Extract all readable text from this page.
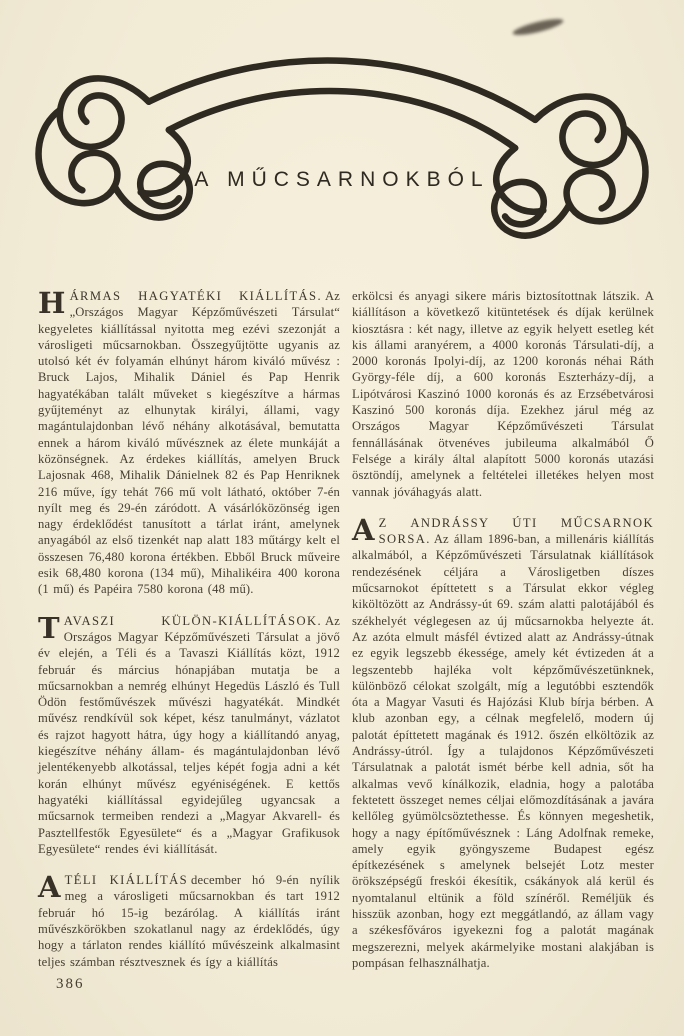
A MŰCSARNOKBÓL

HÁRMAS HAGYATÉKI KIÁLLÍTÁS. Az „Országos Magyar Képzőművészeti Társulat“ kegyeletes kiállítással nyitotta meg ezévi szezonját a városligeti műcsarnokban. Összegyűjtötte ugyanis az utolsó két év folyamán elhúnyt három kiváló művész : Bruck Lajos, Mihalik Dániel és Pap Henrik hagyatékában talált műveket s kiegészítve a hármas gyűjteményt az elhunytak királyi, állami, vagy magántulajdonban lévő néhány alkotásával, bemutatta ennek a három kiváló művésznek az élete munkáját a közönségnek. Az érdekes kiállítás, amelyen Bruck Lajosnak 468, Mihalik Dánielnek 82 és Pap Henriknek 216 műve, így tehát 766 mű volt látható, október 7-én nyílt meg és 29-én záródott. A vásárlóközönség igen nagy érdeklődést tanusított a tárlat iránt, amelynek anyagából az első tizenkét nap alatt 183 műtárgy kelt el összesen 76,480 korona értékben. Ebből Bruck műveire esik 68,480 korona (134 mű), Mihalikéira 400 korona (1 mű) és Papéira 7580 korona (48 mű).

TAVASZI KÜLÖN-KIÁLLÍTÁSOK. Az Országos Magyar Képzőművészeti Társulat a jövő év elején, a Téli és a Tavaszi Kiállítás közt, 1912 február és március hónapjában mutatja be a műcsarnokban a nemrég elhúnyt Hegedüs László és Tull Ödön festőművészek művészi hagyatékát. Mindkét művész rendkívül sok képet, kész tanulmányt, vázlatot és rajzot hagyott hátra, úgy hogy a kiállítandó anyag, kiegészítve néhány állam- és magántulajdonban lévő jelentékenyebb alkotással, teljes képét fogja adni a két korán elhúnyt művész egyéniségének. E kettős hagyatéki kiállítással egyidejűleg ugyancsak a műcsarnok termeiben rendezi a „Magyar Akvarell- és Pasztellfestők Egyesülete“ és a „Magyar Grafikusok Egyesülete“ rendes évi kiállítását.

ATÉLI KIÁLLÍTÁS december hó 9-én nyílik meg a városligeti műcsarnokban és tart 1912 február hó 15-ig bezárólag. A kiállítás iránt művészkörökben szokatlanul nagy az érdeklődés, úgy hogy a tárlaton rendes kiállító művészeink alkalmasint teljes számban résztvesznek és így a kiállítás

erkölcsi és anyagi sikere máris biztosítottnak látszik. A kiállításon a következő kitüntetések és díjak kerülnek kiosztásra : két nagy, illetve az egyik helyett esetleg két kis állami aranyérem, a 4000 koronás Társulati-díj, a 2000 koronás Ipolyi-díj, az 1200 koronás néhai Ráth György-féle díj, a 600 koronás Eszterházy-díj, a Lipótvárosi Kaszinó 1000 koronás és az Erzsébetvárosi Kaszinó 500 koronás díja. Ezekhez járul még az Országos Magyar Képzőművészeti Társulat fennállásának ötvenéves jubileuma alkalmából Ő Felsége a király által alapított 5000 koronás utazási ösztöndíj, amelynek a feltételei illetékes helyen most vannak jóváhagyás alatt.

A Z ANDRÁSSY ÚTI MŰCSARNOK SORSA. Az állam 1896-ban, a millenáris kiállítás alkalmából, a Képzőművészeti Társulatnak kiállítások rendezésének céljára a Városligetben díszes műcsarnokot építtetett s a Társulat ekkor végleg kiköltözött az Andrássy-út 69. szám alatti palotájából és székhelyét véglegesen az új műcsarnokba helyezte át. Az azóta elmult másfél évtized alatt az Andrássy-útnak ez egyik legszebb ékessége, amely két évtizeden át a legszentebb hajléka volt képzőművészetünknek, különböző célokat szolgált, míg a legutóbbi esztendők óta a Magyar Vasuti és Hajózási Klub bírja bérben. A klub azonban egy, a célnak megfelelő, modern új palotát építtetett magának és 1912. őszén elköltözik az Andrássy-útról. Így a tulajdonos Képzőművészeti Társulatnak a palotát ismét bérbe kell adnia, sőt ha alkalmas vevő kínálkozik, eladnia, hogy a palotába fektetett összeget nemes céljai előmozdításának a javára kellőleg gyümölcsöztethesse. És könnyen megeshetik, hogy a nagy építőművésznek : Láng Adolfnak remeke, amely egyik gyöngyszeme Budapest egész építkezésének s amelynek belsejét Lotz mester örökszépségű freskói ékesítik, csákányok alá kerül és nyomtalanul eltünik a föld színéről. Reméljük és hisszük azonban, hogy ezt meggátlandó, az állam vagy a székesfőváros igyekezni fog a palotát magának megszerezni, melyek akármelyike mostani alakjában is pompásan felhasználhatja.

386
